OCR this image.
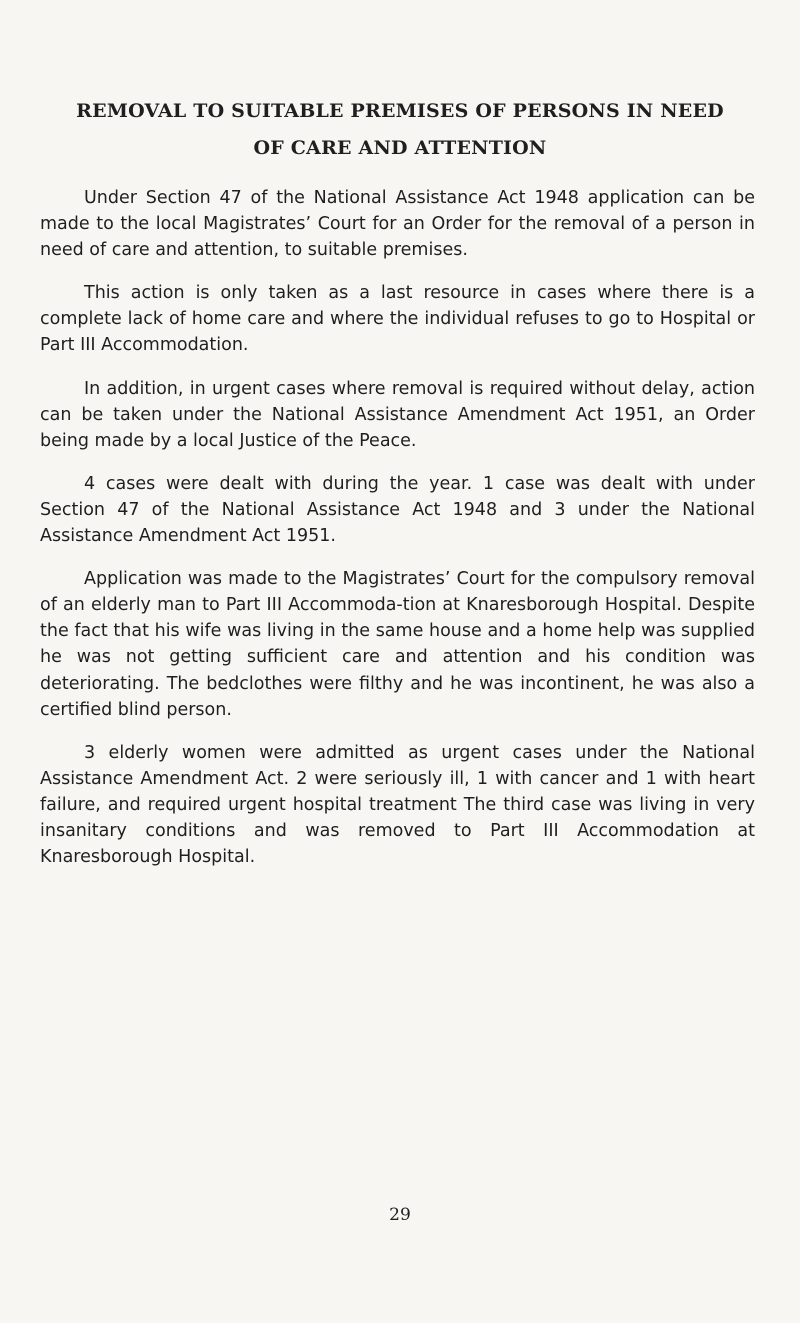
REMOVAL TO SUITABLE PREMISES OF PERSONS IN NEED
OF CARE AND ATTENTION

Under Section 47 of the National Assistance Act 1948 application can be made to the local Magistrates’ Court for an Order for the removal of a person in need of care and attention, to suitable premises.

This action is only taken as a last resource in cases where there is a complete lack of home care and where the individual refuses to go to Hospital or Part III Accommodation.

In addition, in urgent cases where removal is required without delay, action can be taken under the National Assistance Amendment Act 1951, an Order being made by a local Justice of the Peace.

4 cases were dealt with during the year. 1 case was dealt with under Section 47 of the National Assistance Act 1948 and 3 under the National Assistance Amendment Act 1951.

Application was made to the Magistrates’ Court for the compulsory removal of an elderly man to Part III Accommoda-tion at Knaresborough Hospital. Despite the fact that his wife was living in the same house and a home help was supplied he was not getting sufficient care and attention and his condition was deteriorating. The bedclothes were filthy and he was incontinent, he was also a certified blind person.

3 elderly women were admitted as urgent cases under the National Assistance Amendment Act. 2 were seriously ill, 1 with cancer and 1 with heart failure, and required urgent hospital treatment The third case was living in very insanitary conditions and was removed to Part III Accommodation at Knaresborough Hospital.

29
